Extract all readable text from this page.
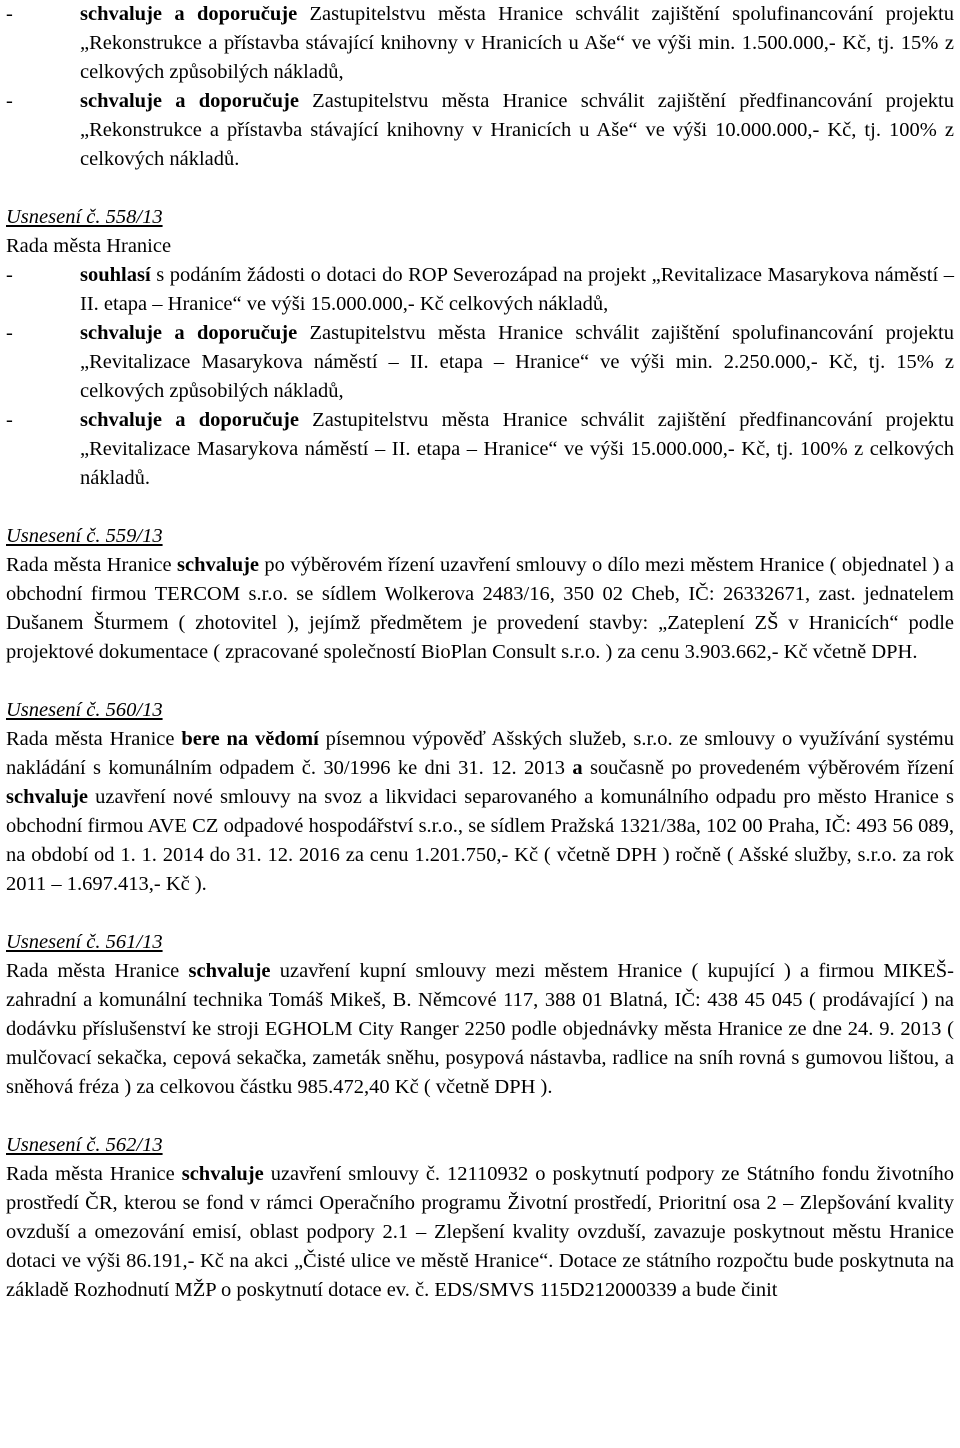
-	schvaluje a doporučuje Zastupitelstvu města Hranice schválit zajištění spolufinancování projektu „Rekonstrukce a přístavba stávající knihovny v Hranicích u Aše“ ve výši min. 1.500.000,- Kč, tj. 15% z celkových způsobilých nákladů,
-	schvaluje a doporučuje Zastupitelstvu města Hranice schválit zajištění předfinancování projektu „Rekonstrukce a přístavba stávající knihovny v Hranicích u Aše“ ve výši 10.000.000,- Kč, tj. 100% z celkových nákladů.
Usnesení č. 558/13
Rada města Hranice
-	souhlasí s podáním žádosti o dotaci do ROP Severozápad na projekt „Revitalizace Masarykova náměstí – II. etapa – Hranice“ ve výši 15.000.000,- Kč celkových nákladů,
-	schvaluje a doporučuje Zastupitelstvu města Hranice schválit zajištění spolufinancování projektu „Revitalizace Masarykova náměstí – II. etapa – Hranice“ ve výši min. 2.250.000,- Kč, tj. 15% z celkových způsobilých nákladů,
-	schvaluje a doporučuje Zastupitelstvu města Hranice schválit zajištění předfinancování projektu „Revitalizace Masarykova náměstí – II. etapa – Hranice“ ve výši 15.000.000,- Kč, tj. 100% z celkových nákladů.
Usnesení č. 559/13
Rada města Hranice schvaluje po výběrovém řízení uzavření smlouvy o dílo mezi městem Hranice ( objednatel ) a obchodní firmou TERCOM s.r.o. se sídlem Wolkerova 2483/16, 350 02 Cheb, IČ: 26332671, zast. jednatelem Dušanem Šturmem ( zhotovitel ), jejímž předmětem je provedení stavby: „Zateplení ZŠ v Hranicích“ podle projektové dokumentace ( zpracované společností BioPlan Consult s.r.o. ) za cenu 3.903.662,- Kč včetně DPH.
Usnesení č. 560/13
Rada města Hranice bere na vědomí písemnou výpověď Ašských služeb, s.r.o. ze smlouvy o využívání systému nakládání s komunálním odpadem č. 30/1996 ke dni 31. 12. 2013 a současně po provedeném výběrovém řízení schvaluje uzavření nové smlouvy na svoz a likvidaci separovaného a komunálního odpadu pro město Hranice s obchodní firmou AVE CZ odpadové hospodářství s.r.o., se sídlem Pražská 1321/38a, 102 00 Praha, IČ: 493 56 089, na období od 1. 1. 2014 do 31. 12. 2016 za cenu 1.201.750,- Kč ( včetně DPH ) ročně ( Ašské služby, s.r.o. za rok 2011 – 1.697.413,- Kč ).
Usnesení č. 561/13
Rada města Hranice schvaluje uzavření kupní smlouvy mezi městem Hranice ( kupující ) a firmou MIKEŠ-zahradní a komunální technika Tomáš Mikeš, B. Němcové 117, 388 01 Blatná, IČ: 438 45 045 ( prodávající ) na dodávku příslušenství ke stroji EGHOLM City Ranger 2250 podle objednávky města Hranice ze dne 24. 9. 2013 ( mulčovací sekačka, cepová sekačka, zameták sněhu, posypová nástavba, radlice na sníh rovná s gumovou lištou, a sněhová fréza ) za celkovou částku 985.472,40 Kč ( včetně DPH ).
Usnesení č. 562/13
Rada města Hranice schvaluje uzavření smlouvy č. 12110932 o poskytnutí podpory ze Státního fondu životního prostředí ČR, kterou se fond v rámci Operačního programu Životní prostředí, Prioritní osa 2 – Zlepšování kvality ovzduší a omezování emisí, oblast podpory 2.1 – Zlepšení kvality ovzduší, zavazuje poskytnout městu Hranice dotaci ve výši 86.191,- Kč na akci „Čisté ulice ve městě Hranice“. Dotace ze státního rozpočtu bude poskytnuta na základě Rozhodnutí MŽP o poskytnutí dotace ev. č. EDS/SMVS 115D212000339 a bude činit
